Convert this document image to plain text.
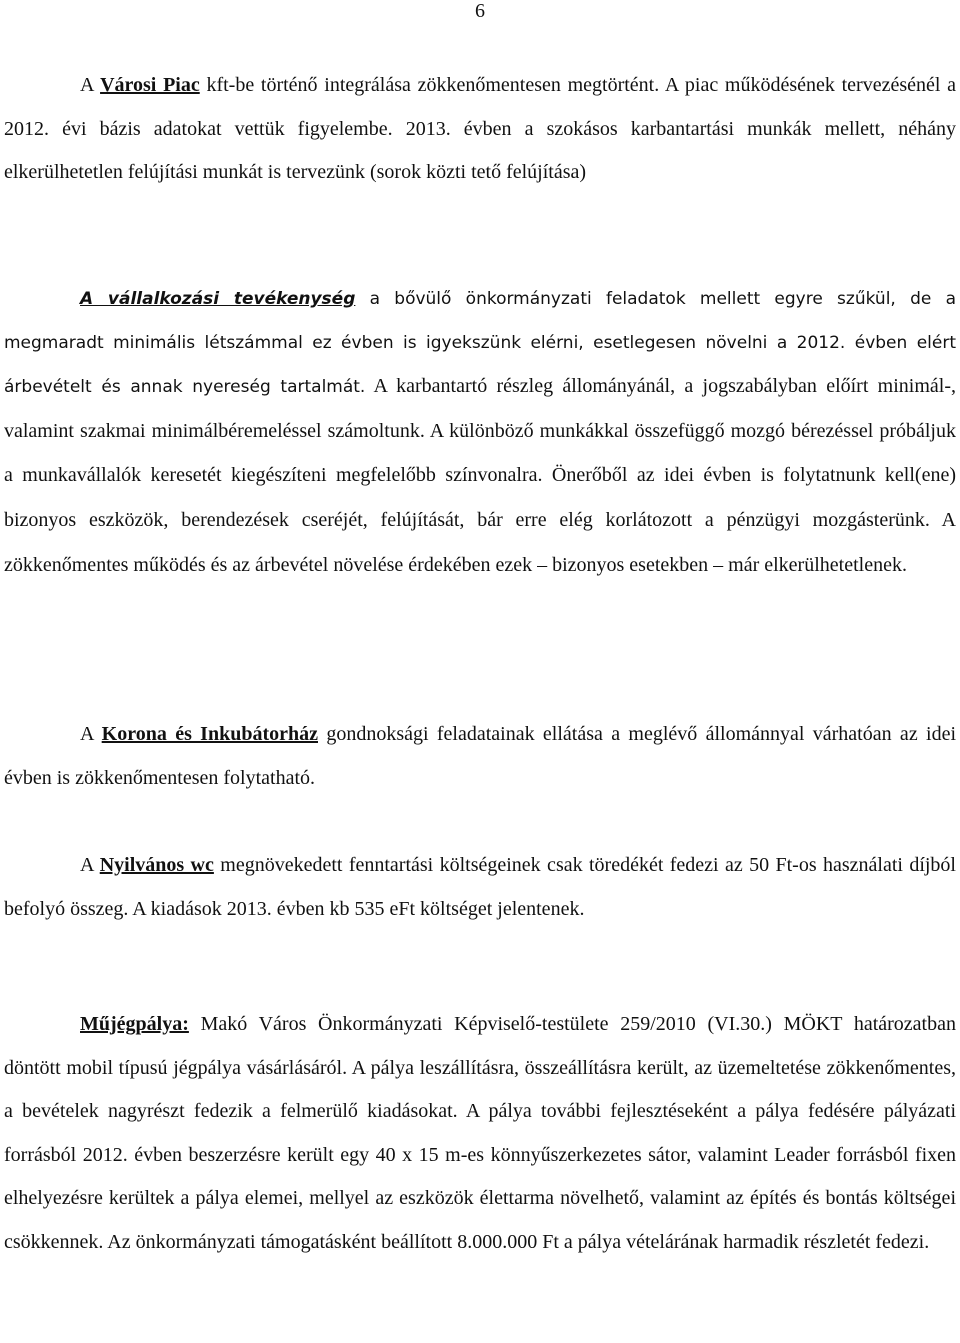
6

A Városi Piac kft-be történő integrálása zökkenőmentesen megtörtént. A piac működésének tervezésénél a 2012. évi bázis adatokat vettük figyelembe. 2013. évben a szokásos karbantartási munkák mellett, néhány elkerülhetetlen felújítási munkát is tervezünk (sorok közti tető felújítása)

A vállalkozási tevékenység a bővülő önkormányzati feladatok mellett egyre szűkül, de a megmaradt minimális létszámmal ez évben is igyekszünk elérni, esetlegesen növelni a 2012. évben elért árbevételt és annak nyereség tartalmát. A karbantartó részleg állományánál, a jogszabályban előírt minimál-, valamint szakmai minimálbéremeléssel számoltunk. A különböző munkákkal összefüggő mozgó bérezéssel próbáljuk a munkavállalók keresetét kiegészíteni megfelelőbb színvonalra. Önerőből az idei évben is folytatnunk kell(ene) bizonyos eszközök, berendezések cseréjét, felújítását, bár erre elég korlátozott a pénzügyi mozgásterünk. A zökkenőmentes működés és az árbevétel növelése érdekében ezek – bizonyos esetekben – már elkerülhetetlenek.

A Korona és Inkubátorház gondnoksági feladatainak ellátása a meglévő állománnyal várhatóan az idei évben is zökkenőmentesen folytatható.

A Nyilvános wc megnövekedett fenntartási költségeinek csak töredékét fedezi az 50 Ft-os használati díjból befolyó összeg. A kiadások 2013. évben kb 535 eFt költséget jelentenek.

Műjégpálya: Makó Város Önkormányzati Képviselő-testülete 259/2010 (VI.30.) MÖKT határozatban döntött mobil típusú jégpálya vásárlásáról. A pálya leszállításra, összeállításra került, az üzemeltetése zökkenőmentes, a bevételek nagyrészt fedezik a felmerülő kiadásokat. A pálya további fejlesztéseként a pálya fedésére pályázati forrásból 2012. évben beszerzésre került egy 40 x 15 m-es könnyűszerkezetes sátor, valamint Leader forrásból fixen elhelyezésre kerültek a pálya elemei, mellyel az eszközök élettarma növelhető, valamint az építés és bontás költségei csökkennek. Az önkormányzati támogatásként beállított 8.000.000 Ft a pálya vételárának harmadik részletét fedezi.
